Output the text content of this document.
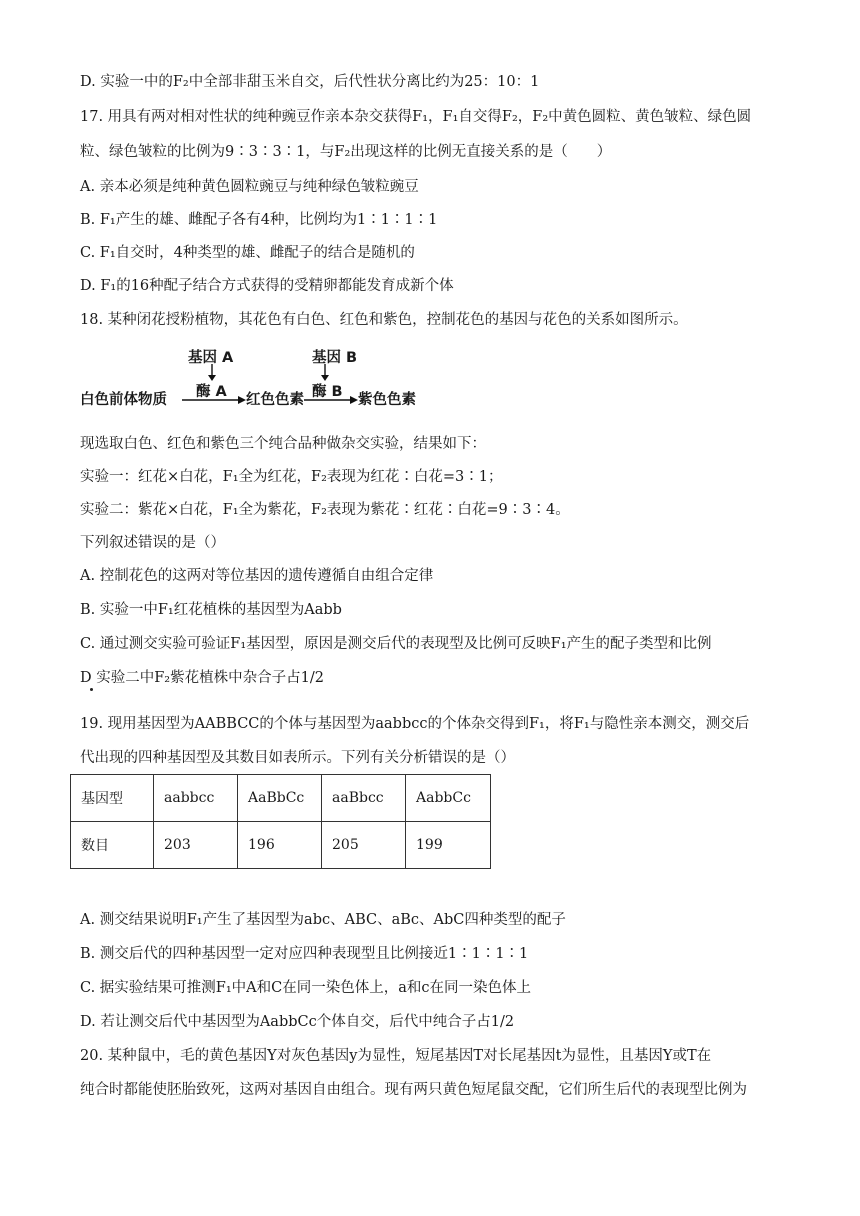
D. 实验一中的F₂中全部非甜玉米自交，后代性状分离比约为25：10：1
17. 用具有两对相对性状的纯种豌豆作亲本杂交获得F₁，F₁自交得F₂，F₂中黄色圆粒、黄色皱粒、绿色圆
粒、绿色皱粒的比例为9∶3∶3∶1，与F₂出现这样的比例无直接关系的是（　　）
A. 亲本必须是纯种黄色圆粒豌豆与纯种绿色皱粒豌豆
B. F₁产生的雄、雌配子各有4种，比例均为1∶1∶1∶1
C. F₁自交时，4种类型的雄、雌配子的结合是随机的
D. F₁的16种配子结合方式获得的受精卵都能发育成新个体
18. 某种闭花授粉植物，其花色有白色、红色和紫色，控制花色的基因与花色的关系如图所示。
基因 A	基因 B
酶 A	酶 B
白色前体物质	红色色素	紫色色素
现选取白色、红色和紫色三个纯合品种做杂交实验，结果如下：
实验一：红花×白花，F₁全为红花，F₂表现为红花∶白花=3∶1；
实验二：紫花×白花，F₁全为紫花，F₂表现为紫花∶红花∶白花=9∶3∶4。
下列叙述错误的是（）
A. 控制花色的这两对等位基因的遗传遵循自由组合定律
B. 实验一中F₁红花植株的基因型为Aabb
C. 通过测交实验可验证F₁基因型，原因是测交后代的表现型及比例可反映F₁产生的配子类型和比例
D 实验二中F₂紫花植株中杂合子占1/2
19. 现用基因型为AABBCC的个体与基因型为aabbcc的个体杂交得到F₁，将F₁与隐性亲本测交，测交后
代出现的四种基因型及其数目如表所示。下列有关分析错误的是（）
基因型	aabbcc	AaBbCc	aaBbcc	AabbCc
数目	203	196	205	199
A. 测交结果说明F₁产生了基因型为abc、ABC、aBc、AbC四种类型的配子
B. 测交后代的四种基因型一定对应四种表现型且比例接近1∶1∶1∶1
C. 据实验结果可推测F₁中A和C在同一染色体上，a和c在同一染色体上
D. 若让测交后代中基因型为AabbCc个体自交，后代中纯合子占1/2
20. 某种鼠中，毛的黄色基因Y对灰色基因y为显性，短尾基因T对长尾基因t为显性，且基因Y或T在
纯合时都能使胚胎致死，这两对基因自由组合。现有两只黄色短尾鼠交配，它们所生后代的表现型比例为
